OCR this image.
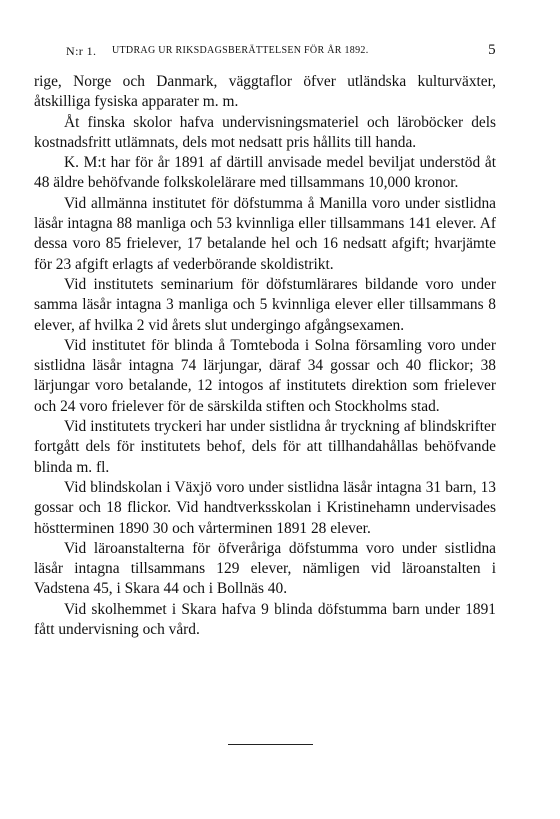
N:r 1. UTDRAG UR RIKSDAGSBERÄTTELSEN FÖR ÅR 1892.	5

rige, Norge och Danmark, väggtaflor öfver utländska kulturväxter, åtskilliga fysiska apparater m. m.

Åt finska skolor hafva undervisningsmateriel och läroböcker dels kostnadsfritt utlämnats, dels mot nedsatt pris hållits till handa.

K. M:t har för år 1891 af därtill anvisade medel beviljat understöd åt 48 äldre behöfvande folkskolelärare med tillsammans 10,000 kronor.

Vid allmänna institutet för döfstumma å Manilla voro under sistlidna läsår intagna 88 manliga och 53 kvinnliga eller tillsammans 141 elever. Af dessa voro 85 frielever, 17 betalande hel och 16 nedsatt afgift; hvarjämte för 23 afgift erlagts af vederbörande skoldistrikt.

Vid institutets seminarium för döfstumlärares bildande voro under samma läsår intagna 3 manliga och 5 kvinnliga elever eller tillsammans 8 elever, af hvilka 2 vid årets slut undergingo afgångsexamen.

Vid institutet för blinda å Tomteboda i Solna församling voro under sistlidna läsår intagna 74 lärjungar, däraf 34 gossar och 40 flickor; 38 lärjungar voro betalande, 12 intogos af institutets direktion som frielever och 24 voro frielever för de särskilda stiften och Stockholms stad.

Vid institutets tryckeri har under sistlidna år tryckning af blindskrifter fortgått dels för institutets behof, dels för att tillhandahållas behöfvande blinda m. fl.

Vid blindskolan i Växjö voro under sistlidna läsår intagna 31 barn, 13 gossar och 18 flickor. Vid handtverksskolan i Kristinehamn undervisades höstterminen 1890 30 och vårterminen 1891 28 elever.

Vid läroanstalterna för öfveråriga döfstumma voro under sistlidna läsår intagna tillsammans 129 elever, nämligen vid läroanstalten i Vadstena 45, i Skara 44 och i Bollnäs 40.

Vid skolhemmet i Skara hafva 9 blinda döfstumma barn under 1891 fått undervisning och vård.
